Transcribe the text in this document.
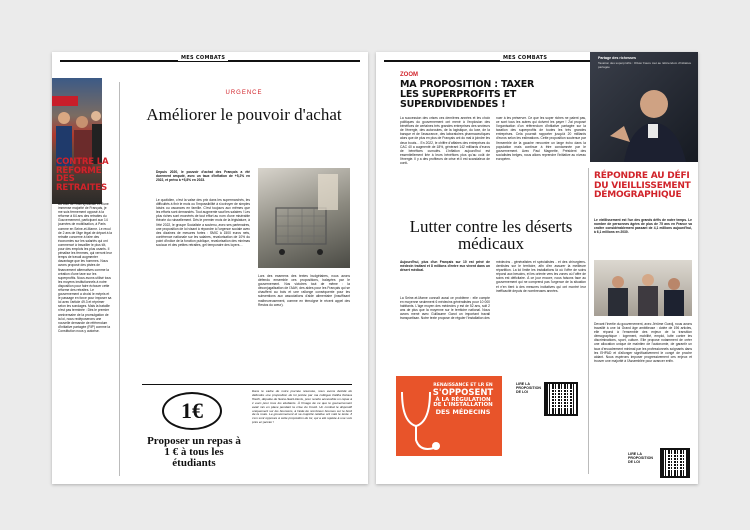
MES COMBATS
CONTRE LA RÉFORME DES RETRAITES
Au côté de l'intersyndicale et d'une immense majorité de Français, je me suis fermement opposé à la réforme à 64 ans des retraites du Gouvernement, participant aux 14 journées de mobilisation, à Paris comme en Seine-et-Marne. Le recul de 2 ans de l'âge légal de départ à la retraite concerne à faire des économies sur les salariés qui ont commencé à travailler le plus tôt, pour des emplois les plus usants. Il pénalise les femmes, qui verront leur temps de travail augmenter davantage que les hommes. Nous avons proposé des pistes de financement alternatives comme la création d'une taxe sur les superprofits. Nous avons utilisé tous les moyens institutionnels à notre disposition pour faire échouer cette réforme des retraites. Le gouvernement a choisi le mépris et le passage en force pour imposer sa loi avec l'article 49.3 et réprimer selon les sondages. Mais la bataille n'est pas terminée : Dès le premier anniversaire de la promulgation de la loi, nous redéposerons une nouvelle demande de référendum d'initiative partagée (RIP) comme la Constitution nous y autorise.
URGENCE
Améliorer le pouvoir d'achat
Depuis 2020, le pouvoir d'achat des Français a été durement amputé, avec un taux d'inflation de +5,2% en 2022, et prévu à +5,8% en 2023.
Le quotidien, c'est la valse des prix dans les supermarchés, les difficultés à finir le mois ou l'impossibilité à s'octroyer de simples loisirs ou vacances en famille. C'est toujours aux mêmes que les efforts sont demandés. Tout augmente sauf les salaires ! Les plus riches sont exonérés de tout effort au nom d'une misérable théorie du ruissellement. Dès le premier mois de la législature, à l'été 2022, le groupe Socialiste a soutenu, avec ses partenaires, une proposition de loi visant à répondre à l'urgence sociale avec des dizaines de mesures fortes : SMIC à 1500 euros nets, conférence nationale sur les salaires, revalorisation de 10% du point d'indice de la fonction publique, revalorisation des minimas sociaux et des petites retraites, gel temporaire des loyers…
Lors des examens des textes budgétaires, nous avons défendu ensemble ces propositions, balayées par le gouvernement. Nos victoires tout de même : la déconjugalisation de l'AAH, des aides pour les Français qui se chauffent au bois et une rallonge conséquente pour les subventions aux associations d'aide alimentaire (insuffisant malheureusement, comme en témoigne le récent appel des Restos du cœur).
1€
Proposer un repas à 1 € à tous les étudiants
Dans le cadre de notre journée réservée, nous avons décidé de défendre une proposition de loi portée par ma collègue Fatiha Keloua Hachi, députée de Seine-Saint-Denis, pour rendre accessible un repas à 1 euro pour tous les étudiants. À l'image de ce que le gouvernement avait mis en place pendant la crise du Covid. Un combat le dispositif uniquement sur les boursiers, à l'aide de nombreux bourses sur le bord de la route. Le gouvernement et sa majorité relative ont voté le texte. Il s'en sont opposés à cette proposition de loi, qui a été rejetée à une voix près en janvier !
MES COMBATS
ZOOM
MA PROPOSITION : TAXER
LES SUPERPROFITS ET SUPERDIVIDENDES !
Partage des richesses
Taxation des superprofits : Olivier Faure tout au référendum d'initiative partagée
La succession des crises ces dernières années et les choix politiques du gouvernement ont mené à l'explosion des bénéfices de certaines très grandes entreprises des secteurs de l'énergie, des autoroutes, de la logistique, du luxe, de la banque et de l'assurance, des laboratoires pharmaceutiques alors que de plus en plus de Français ont du mal à joindre les deux bouts… En 2022, le chiffre d'affaires des entreprises du CAC 40 a augmenté de 18%, générant 142 milliards d'euros de bénéfices cumulés. L'inflation aujourd'hui est essentiellement liée à leurs bénéfices plus qu'au coût de l'énergie. Il y a des profiteurs de crise et il est scandaleux de conti-
nuer à les préserver. Ce que les super riches ne paient pas, ce sont tous les autres qui doivent les payer ! J'ai proposé l'organisation d'un référendum d'initiative partagée sur la taxation des superprofits de toutes les très grandes entreprises. Cela pourrait rapporter jusqu'à 20 milliards d'euros selon les estimations. Cette proposition soutenue par l'ensemble de la gauche rencontre un large écho dans la population mais continue à être condamnée par le gouvernement. Avec Paul Magnette, Président des socialistes belges, nous allons reprendre l'initiative au niveau européen.
Lutter contre les déserts médicaux
Aujourd'hui, plus d'un Français sur 10 est privé de médecin traitant et 8 millions d'entre eux vivent dans un désert médical.
La Seine-et-Marne connaît aussi ce problème : elle compte en moyenne seulement 6 médecins généralistes pour 10 000 habitants. L'âge moyen des médecins y est de 52 ans, soit 2 ans de plus que la moyenne sur le territoire national. Nous avons mené avec Guillaume Garot un important travail transpartisan. Notre texte propose de réguler l'installation des
médecins - généralistes et spécialistes - et des chirurgiens-dentistes sur le territoire, afin d'en assurer la meilleure répartition. La loi limite les installations là où l'offre de soins répond aux besoins, et les oriente vers les zones où l'offre de soins est déficitaire. À ce jour encore, nous faisons face au gouvernement qui ne comprend pas l'urgence de la situation et n'en tient à des mesures incitatives qui ont montré leur inefficacité depuis de nombreuses années.
RENAISSANCE ET LR EN
S'OPPOSENT
À LA RÉGULATION
DE L'INSTALLATION
DES MÉDECINS
LIRE LA PROPOSITION DE LOI
RÉPONDRE AU DÉFI DU VIEILLISSEMENT DÉMOGRAPHIQUE
Le vieillissement est l'un des grands défis de notre temps. Le nombre de personnes âgées de plus de 75 ans en France va croître considérablement passant de 4,1 millions aujourd'hui, à 6,1 millions en 2030.
Devant l'inertie du gouvernement, avec Jérôme Guedj, nous avons travaillé à une loi Grand âge ambitieuse : dotée de 196 articles, elle répond à l'ensemble des enjeux de la transition démographique : logement, mobilité, emploi, lutte contre les discriminations, sport, culture. Elle propose notamment de créer une allocation unique de maintien de l'autonomie, de garantir un taux d'encadrement minimal par les professionnels soignants dans les EHPAD et d'allonger significativement le congé de proche aidant. Nous espérons imposer progressivement ces enjeux et trouver une majorité à l'Assemblée pour avancer enfin.
LIRE LA PROPOSITION DE LOI
